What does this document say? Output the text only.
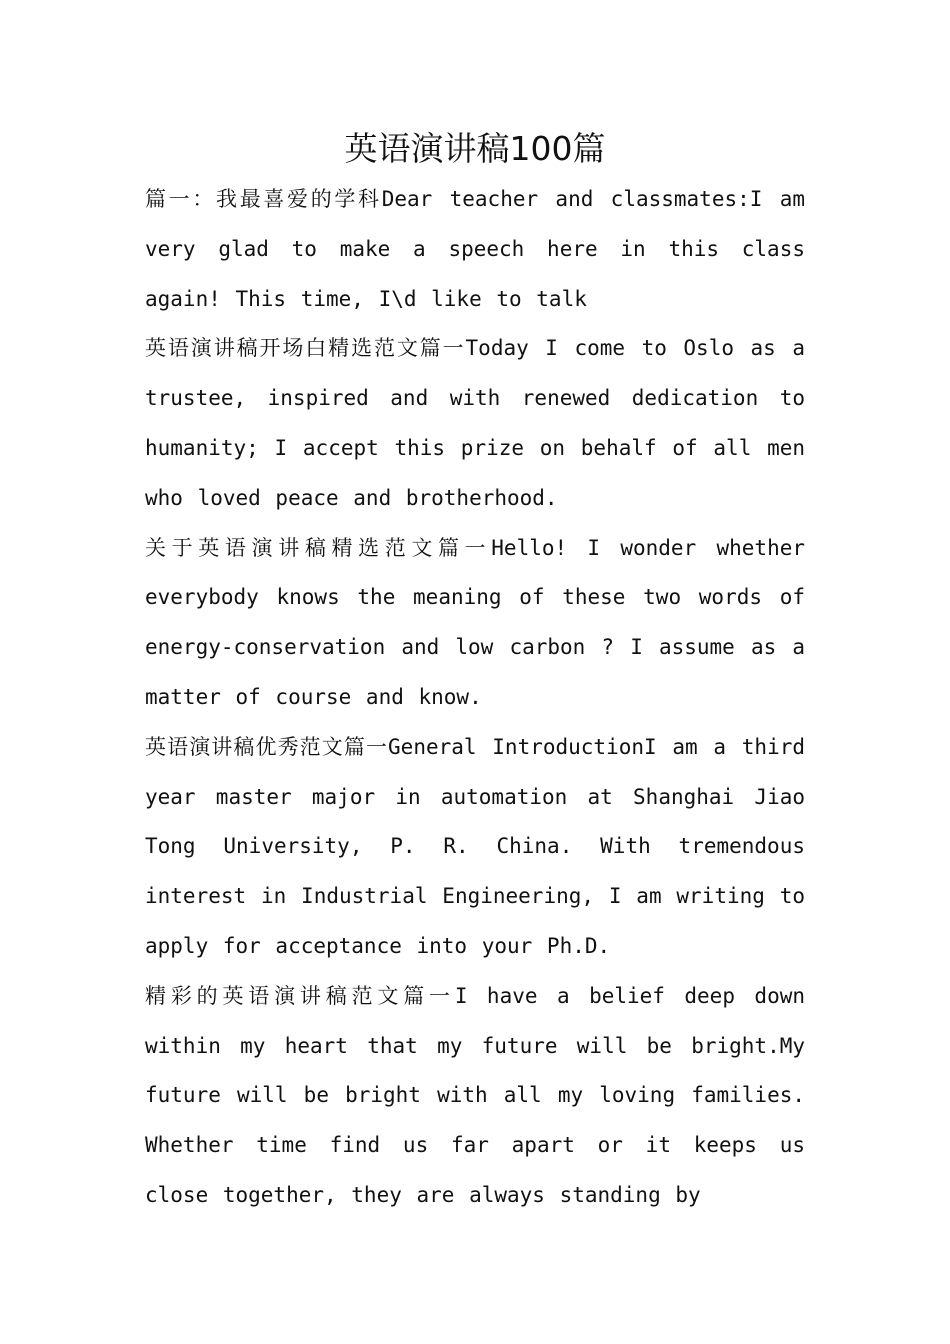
英语演讲稿100篇

篇一：我最喜爱的学科Dear teacher and classmates:I am very glad to make a speech here in this class again! This time, I\d like to talk

英语演讲稿开场白精选范文篇一Today I come to Oslo as a trustee, inspired and with renewed dedication to humanity; I accept this prize on behalf of all men who loved peace and brotherhood.

关于英语演讲稿精选范文篇一Hello! I wonder whether everybody knows the meaning of these two words of energy-conservation and low carbon ? I assume as a matter of course and know.

英语演讲稿优秀范文篇一General IntroductionI am a third year master major in automation at Shanghai Jiao Tong University, P. R. China. With tremendous interest in Industrial Engineering, I am writing to apply for acceptance into your Ph.D.

精彩的英语演讲稿范文篇一I have a belief deep down within my heart that my future will be bright.My future will be bright with all my loving families. Whether time find us far apart or it keeps us close together, they are always standing by
